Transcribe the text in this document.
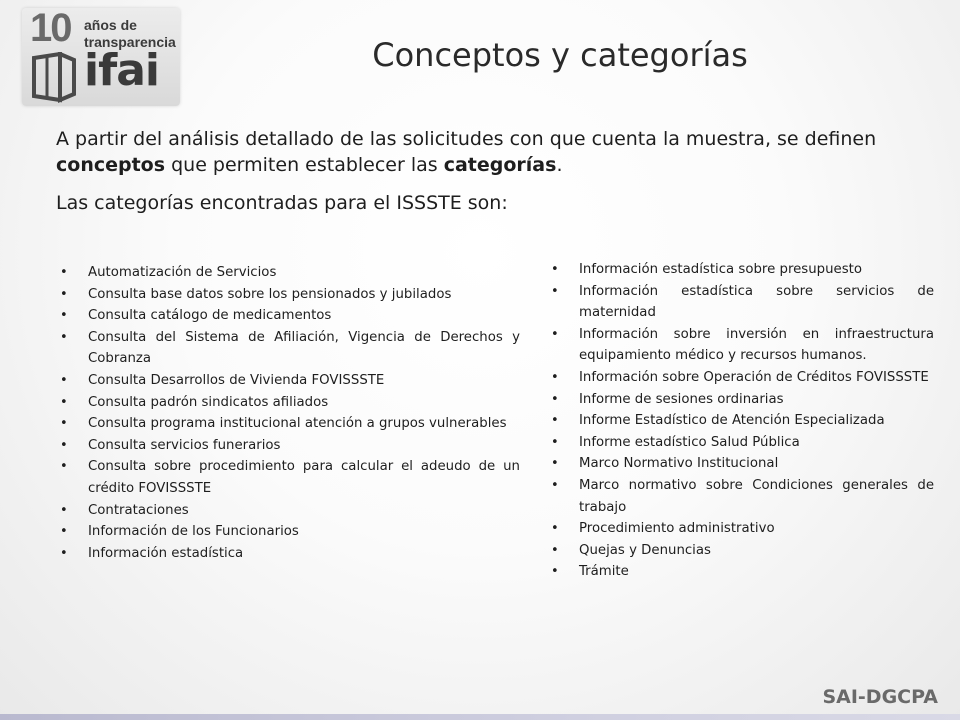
10 años de
transparencia
ifai	Conceptos y categorías

A partir del análisis detallado de las solicitudes con que cuenta la muestra, se definen conceptos que permiten establecer las categorías.

Las categorías encontradas para el ISSSTE son:

• Automatización de Servicios
• Consulta base datos sobre los pensionados y jubilados
• Consulta catálogo de medicamentos
• Consulta del Sistema de Afiliación, Vigencia de Derechos y Cobranza
• Consulta Desarrollos de Vivienda FOVISSSTE
• Consulta padrón sindicatos afiliados
• Consulta programa institucional atención a grupos vulnerables
• Consulta servicios funerarios
• Consulta sobre procedimiento para calcular el adeudo de un crédito FOVISSSTE
• Contrataciones
• Información de los Funcionarios
• Información estadística
• Información estadística sobre presupuesto
• Información estadística sobre servicios de maternidad
• Información sobre inversión en infraestructura equipamiento médico y recursos humanos.
• Información sobre Operación de Créditos FOVISSSTE
• Informe de sesiones ordinarias
• Informe Estadístico de Atención Especializada
• Informe estadístico Salud Pública
• Marco Normativo Institucional
• Marco normativo sobre Condiciones generales de trabajo
• Procedimiento administrativo
• Quejas y Denuncias
• Trámite
SAI-DGCPA
